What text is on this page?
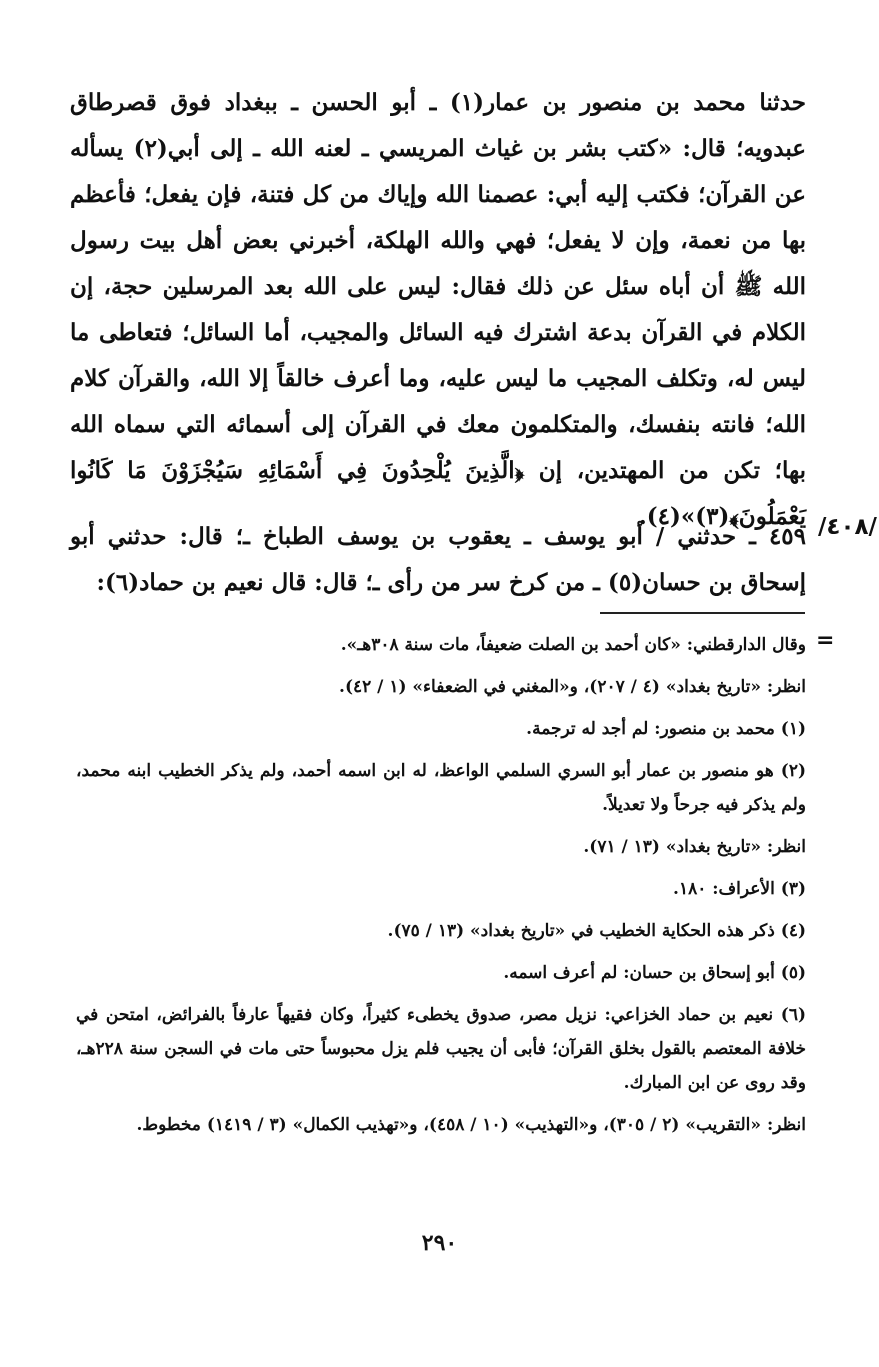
حدثنا محمد بن منصور بن عمار(١) ـ أبو الحسن ـ ببغداد فوق قصرطاق عبدويه؛ قال: «كتب بشر بن غياث المريسي ـ لعنه الله ـ إلى أبي(٢) يسأله عن القرآن؛ فكتب إليه أبي: عصمنا الله وإياك من كل فتنة، فإن يفعل؛ فأعظم بها من نعمة، وإن لا يفعل؛ فهي والله الهلكة، أخبرني بعض أهل بيت رسول الله ﷺ أن أباه سئل عن ذلك فقال: ليس على الله بعد المرسلين حجة، إن الكلام في القرآن بدعة اشترك فيه السائل والمجيب، أما السائل؛ فتعاطى ما ليس له، وتكلف المجيب ما ليس عليه، وما أعرف خالقاً إلا الله، والقرآن كلام الله؛ فانته بنفسك، والمتكلمون معك في القرآن إلى أسمائه التي سماه الله بها؛ تكن من المهتدين، إن ﴿الَّذِينَ يُلْحِدُونَ فِي أَسْمَائِهِ سَيُجْزَوْنَ مَا كَانُوا يَعْمَلُونَ﴾(٣)»(٤). /٤٠٨/

٤٥٩ ـ حدثني / أبو يوسف ـ يعقوب بن يوسف الطباخ ـ؛ قال: حدثني أبو إسحاق بن حسان(٥) ـ من كرخ سر من رأى ـ؛ قال: قال نعيم بن حماد(٦):

=

وقال الدارقطني: «كان أحمد بن الصلت ضعيفاً، مات سنة ٣٠٨هـ».

انظر: «تاريخ بغداد» (٤ / ٢٠٧)، و«المغني في الضعفاء» (١ / ٤٢).

(١) محمد بن منصور: لم أجد له ترجمة.

(٢) هو منصور بن عمار أبو السري السلمي الواعظ، له ابن اسمه أحمد، ولم يذكر الخطيب ابنه محمد، ولم يذكر فيه جرحاً ولا تعديلاً.

انظر: «تاريخ بغداد» (١٣ / ٧١).

(٣) الأعراف: ١٨٠.

(٤) ذكر هذه الحكاية الخطيب في «تاريخ بغداد» (١٣ / ٧٥).

(٥) أبو إسحاق بن حسان: لم أعرف اسمه.

(٦) نعيم بن حماد الخزاعي: نزيل مصر، صدوق يخطىء كثيراً، وكان فقيهاً عارفاً بالفرائض، امتحن في خلافة المعتصم بالقول بخلق القرآن؛ فأبى أن يجيب فلم يزل محبوساً حتى مات في السجن سنة ٢٢٨هـ، وقد روى عن ابن المبارك.

انظر: «التقريب» (٢ / ٣٠٥)، و«التهذيب» (١٠ / ٤٥٨)، و«تهذيب الكمال» (٣ / ١٤١٩) مخطوط.

٢٩٠
